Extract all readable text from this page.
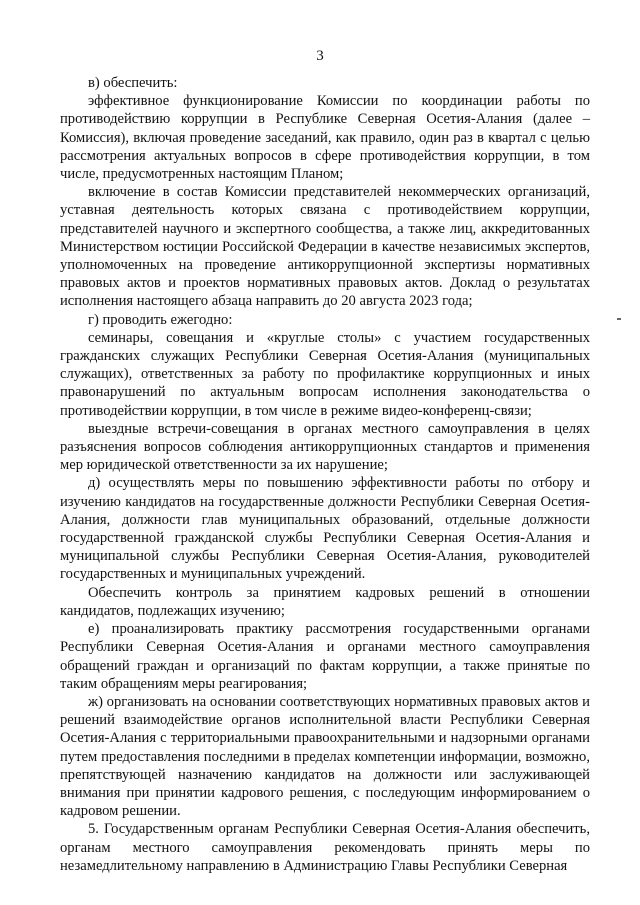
3

в) обеспечить:

эффективное функционирование Комиссии по координации работы по противодействию коррупции в Республике Северная Осетия-Алания (далее – Комиссия), включая проведение заседаний, как правило, один раз в квартал с целью рассмотрения актуальных вопросов в сфере противодействия коррупции, в том числе, предусмотренных настоящим Планом;

включение в состав Комиссии представителей некоммерческих организаций, уставная деятельность которых связана с противодействием коррупции, представителей научного и экспертного сообщества, а также лиц, аккредитованных Министерством юстиции Российской Федерации в качестве независимых экспертов, уполномоченных на проведение антикоррупционной экспертизы нормативных правовых актов и проектов нормативных правовых актов. Доклад о результатах исполнения настоящего абзаца направить до 20 августа 2023 года;

г) проводить ежегодно:

семинары, совещания и «круглые столы» с участием государственных гражданских служащих Республики Северная Осетия-Алания (муниципальных служащих), ответственных за работу по профилактике коррупционных и иных правонарушений по актуальным вопросам исполнения законодательства о противодействии коррупции, в том числе в режиме видео-конференц-связи;

выездные встречи-совещания в органах местного самоуправления в целях разъяснения вопросов соблюдения антикоррупционных стандартов и применения мер юридической ответственности за их нарушение;

д) осуществлять меры по повышению эффективности работы по отбору и изучению кандидатов на государственные должности Республики Северная Осетия-Алания, должности глав муниципальных образований, отдельные должности государственной гражданской службы Республики Северная Осетия-Алания и муниципальной службы Республики Северная Осетия-Алания, руководителей государственных и муниципальных учреждений.

Обеспечить контроль за принятием кадровых решений в отношении кандидатов, подлежащих изучению;

е) проанализировать практику рассмотрения государственными органами Республики Северная Осетия-Алания и органами местного самоуправления обращений граждан и организаций по фактам коррупции, а также принятые по таким обращениям меры реагирования;

ж) организовать на основании соответствующих нормативных правовых актов и решений взаимодействие органов исполнительной власти Республики Северная Осетия-Алания с территориальными правоохранительными и надзорными органами путем предоставления последними в пределах компетенции информации, возможно, препятствующей назначению кандидатов на должности или заслуживающей внимания при принятии кадрового решения, с последующим информированием о кадровом решении.

5. Государственным органам Республики Северная Осетия-Алания обеспечить, органам местного самоуправления рекомендовать принять меры по незамедлительному направлению в Администрацию Главы Республики Северная
